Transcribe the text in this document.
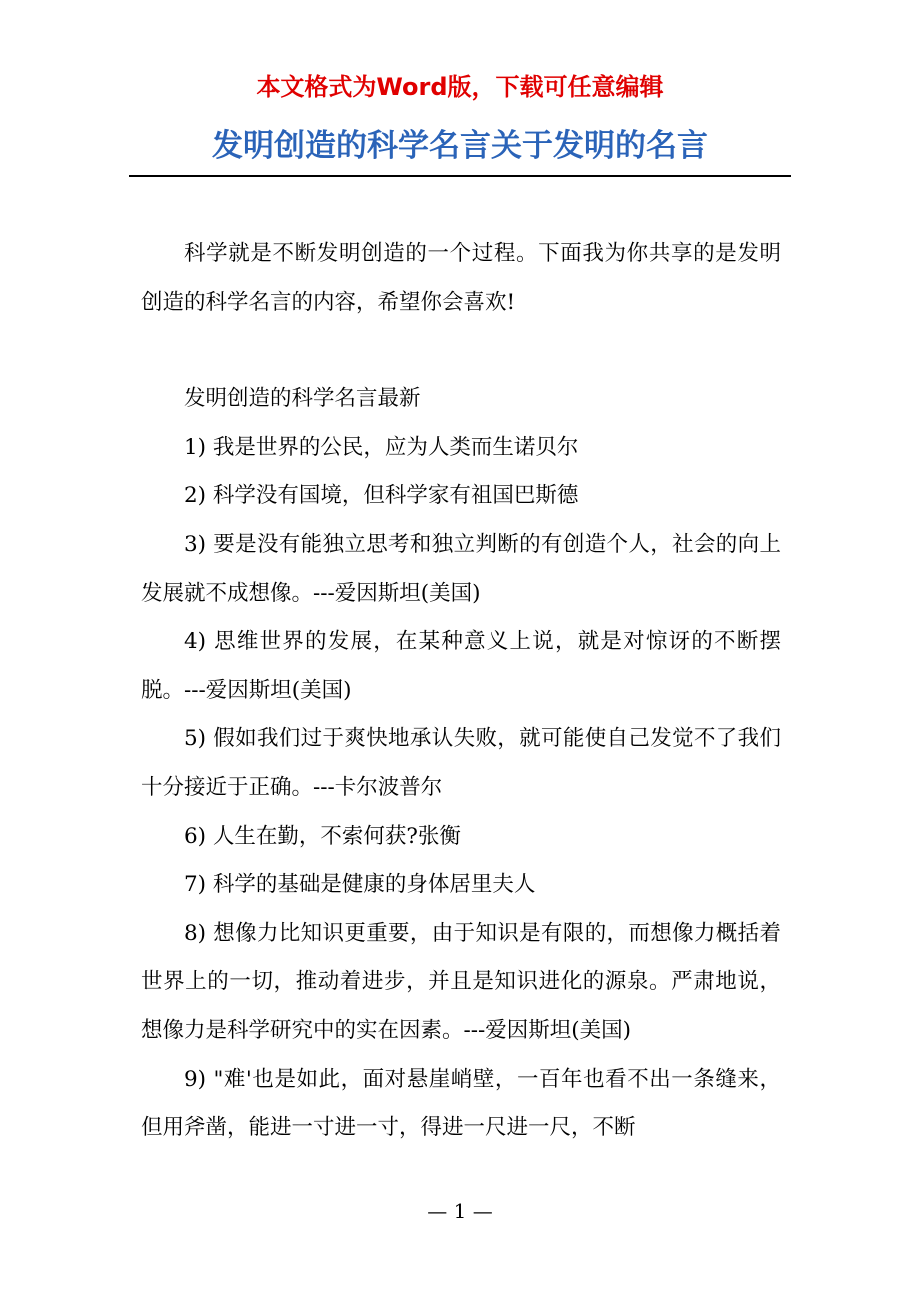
本文格式为Word版，下载可任意编辑
发明创造的科学名言关于发明的名言

科学就是不断发明创造的一个过程。下面我为你共享的是发明创造的科学名言的内容，希望你会喜欢!

发明创造的科学名言最新

1) 我是世界的公民，应为人类而生诺贝尔

2) 科学没有国境，但科学家有祖国巴斯德

3) 要是没有能独立思考和独立判断的有创造个人，社会的向上发展就不成想像。---爱因斯坦(美国)

4) 思维世界的发展，在某种意义上说，就是对惊讶的不断摆脱。---爱因斯坦(美国)

5) 假如我们过于爽快地承认失败，就可能使自己发觉不了我们十分接近于正确。---卡尔波普尔

6) 人生在勤，不索何获?张衡

7) 科学的基础是健康的身体居里夫人

8) 想像力比知识更重要，由于知识是有限的，而想像力概括着世界上的一切，推动着进步，并且是知识进化的源泉。严肃地说，想像力是科学研究中的实在因素。---爱因斯坦(美国)

9) "难'也是如此，面对悬崖峭壁，一百年也看不出一条缝来，但用斧凿，能进一寸进一寸，得进一尺进一尺，不断

— 1 —
